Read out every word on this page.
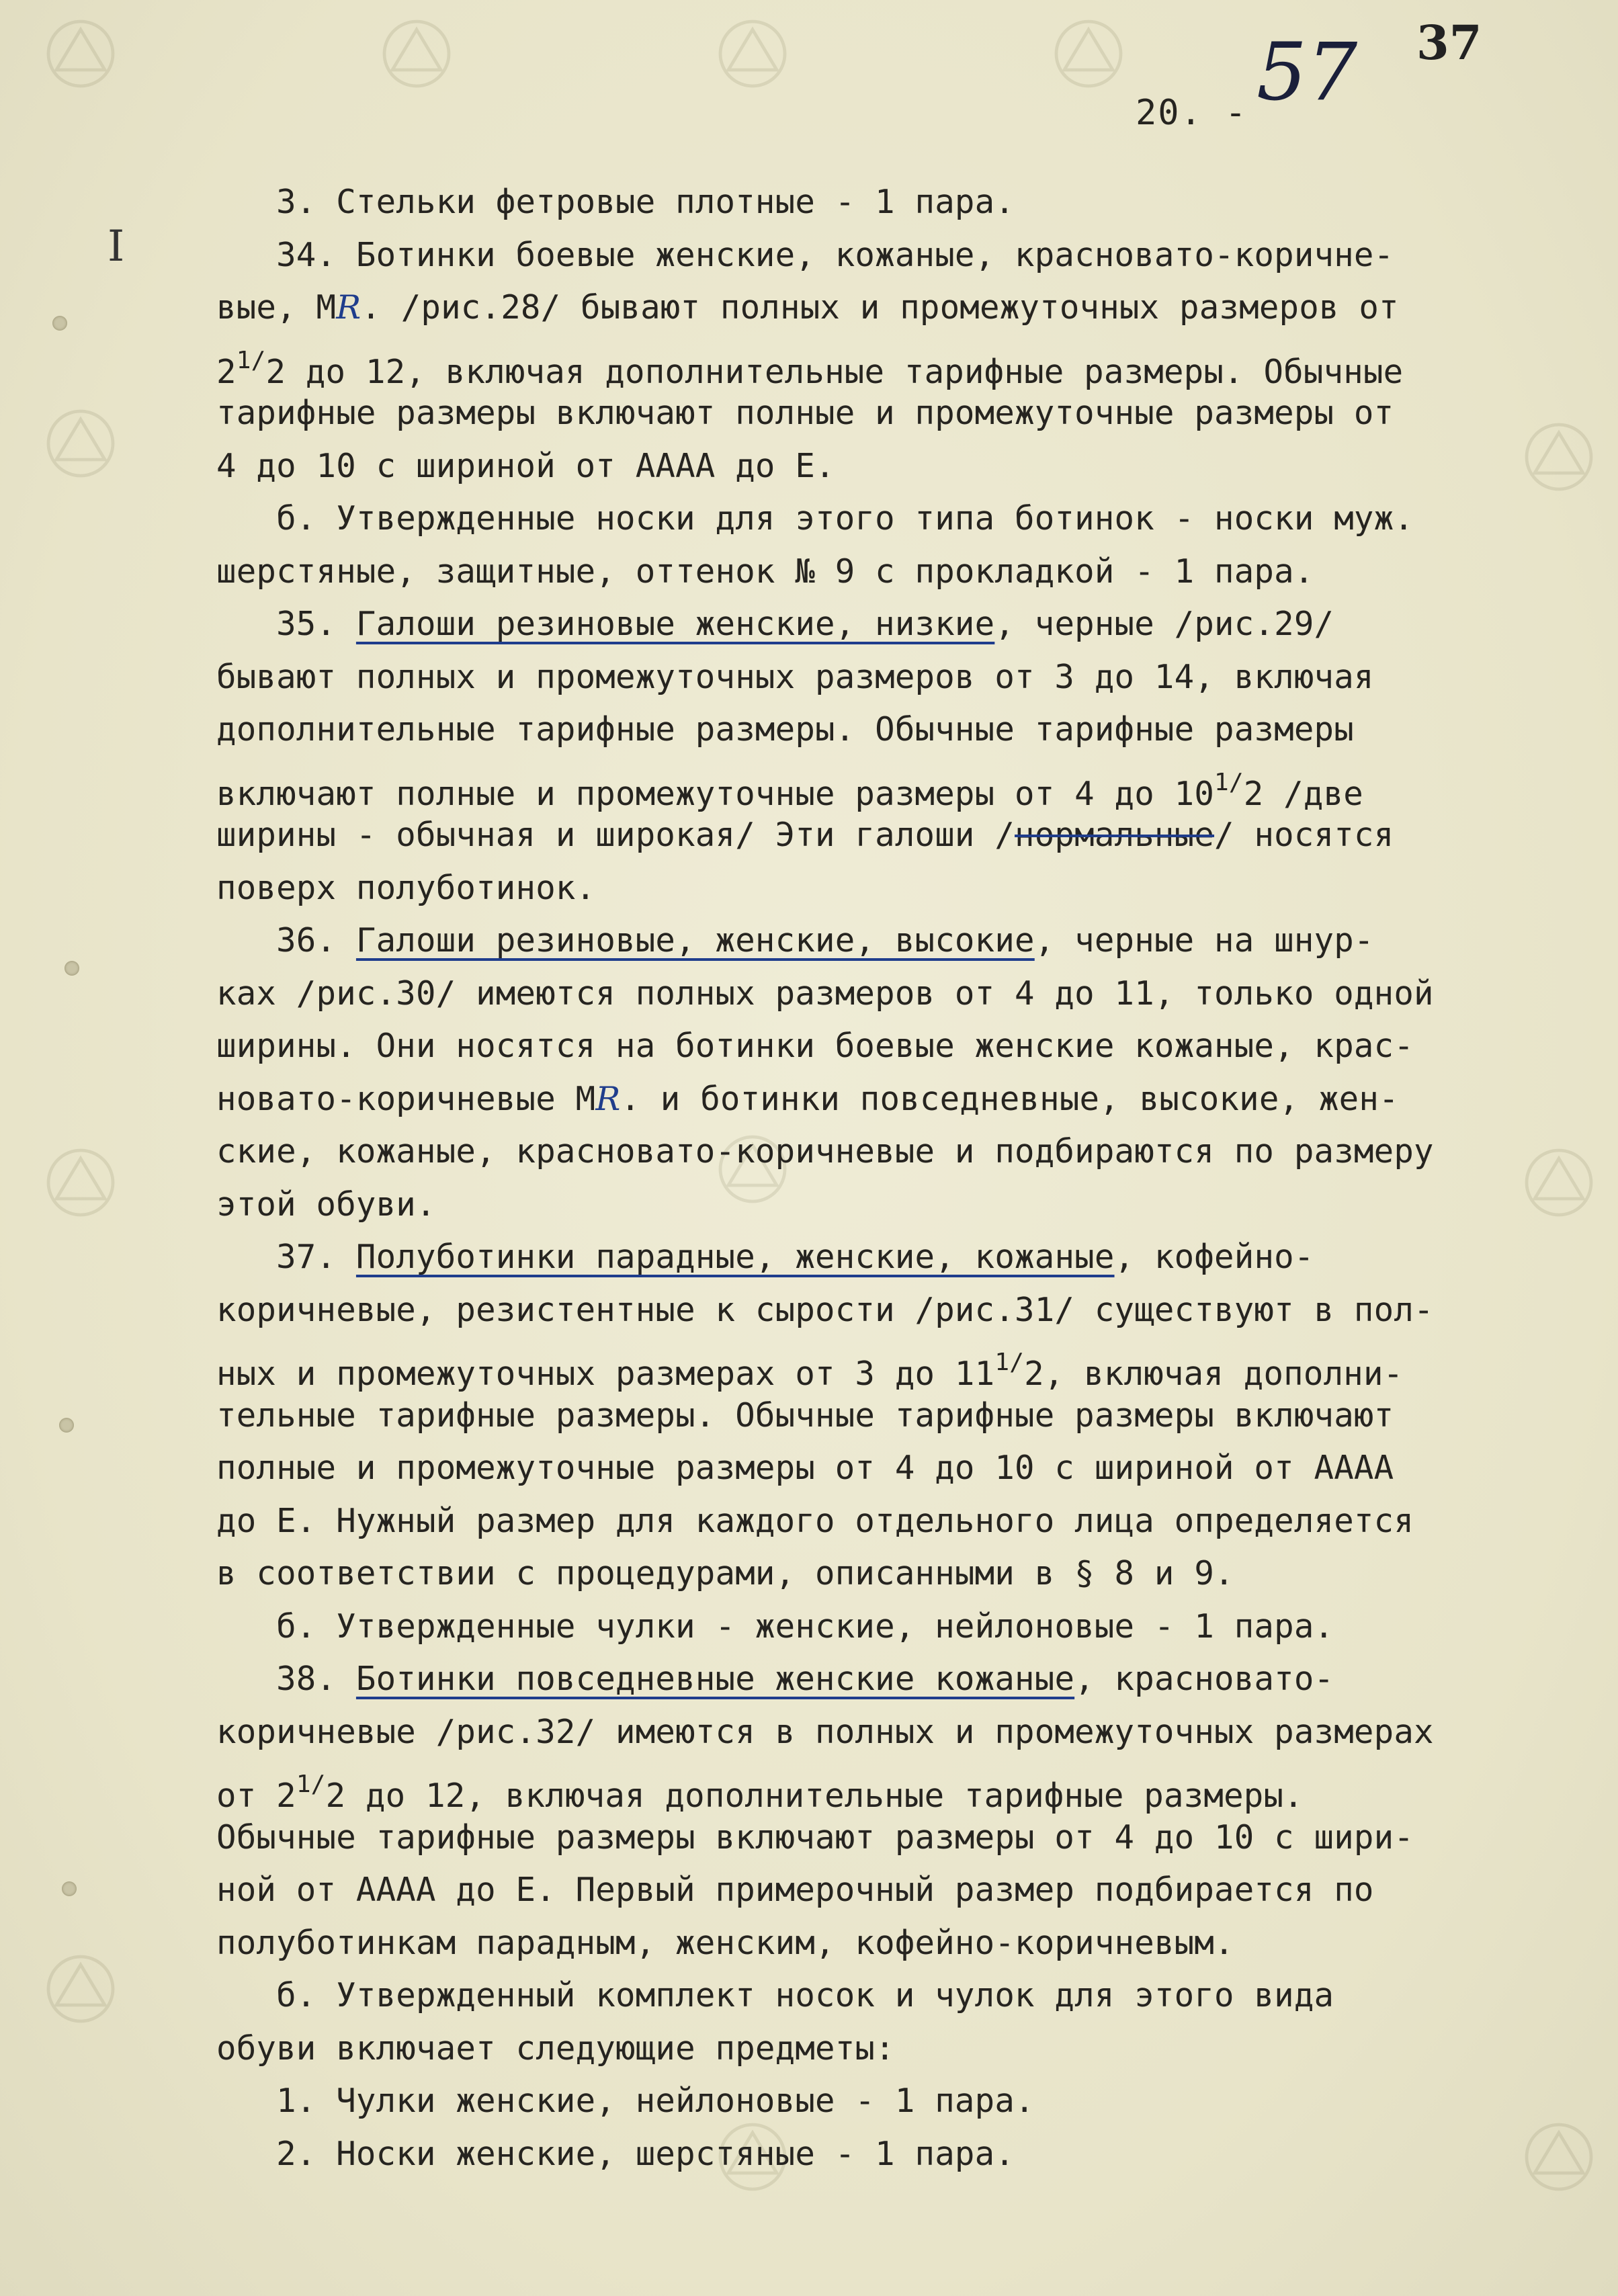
I
20. - 57 37
3. Стельки фетровые плотные - 1 пара.
34. Ботинки боевые женские, кожаные, красновато-коричне-
вые, МR. /рис.28/ бывают полных и промежуточных размеров от
$2^{1/}2$ до 12, включая дополнительные тарифные размеры. Обычные
тарифные размеры включают полные и промежуточные размеры от
4 до 10 с шириной от АААА до Е.
б. Утвержденные носки для этого типа ботинок - носки муж.
шерстяные, защитные, оттенок № 9 с прокладкой - 1 пара.
35. Галоши резиновые женские, низкие, черные /рис.29/
бывают полных и промежуточных размеров от 3 до 14, включая
дополнительные тарифные размеры. Обычные тарифные размеры
включают полные и промежуточные размеры от 4 до $10^{1/}2$ /две
ширины - обычная и широкая/ Эти галоши /нормальные/ носятся
поверх полуботинок.
36. Галоши резиновые, женские, высокие, черные на шнур-
ках /рис.30/ имеются полных размеров от 4 до 11, только одной
ширины. Они носятся на ботинки боевые женские кожаные, крас-
новато-коричневые МR. и ботинки повседневные, высокие, жен-
ские, кожаные, красновато-коричневые и подбираются по размеру
этой обуви.
37. Полуботинки парадные, женские, кожаные, кофейно-
коричневые, резистентные к сырости /рис.31/ существуют в пол-
ных и промежуточных размерах от 3 до $11^{1/}2$, включая дополни-
тельные тарифные размеры. Обычные тарифные размеры включают
полные и промежуточные размеры от 4 до 10 с шириной от АААА
до Е. Нужный размер для каждого отдельного лица определяется
в соответствии с процедурами, описанными в § 8 и 9.
б. Утвержденные чулки - женские, нейлоновые - 1 пара.
38. Ботинки повседневные женские кожаные, красновато-
коричневые /рис.32/ имеются в полных и промежуточных размерах
от $2^{1/}2$ до 12, включая дополнительные тарифные размеры.
Обычные тарифные размеры включают размеры от 4 до 10 с шири-
ной от АААА до Е. Первый примерочный размер подбирается по
полуботинкам парадным, женским, кофейно-коричневым.
б. Утвержденный комплект носок и чулок для этого вида
обуви включает следующие предметы:
1. Чулки женские, нейлоновые - 1 пара.
2. Носки женские, шерстяные - 1 пара.
